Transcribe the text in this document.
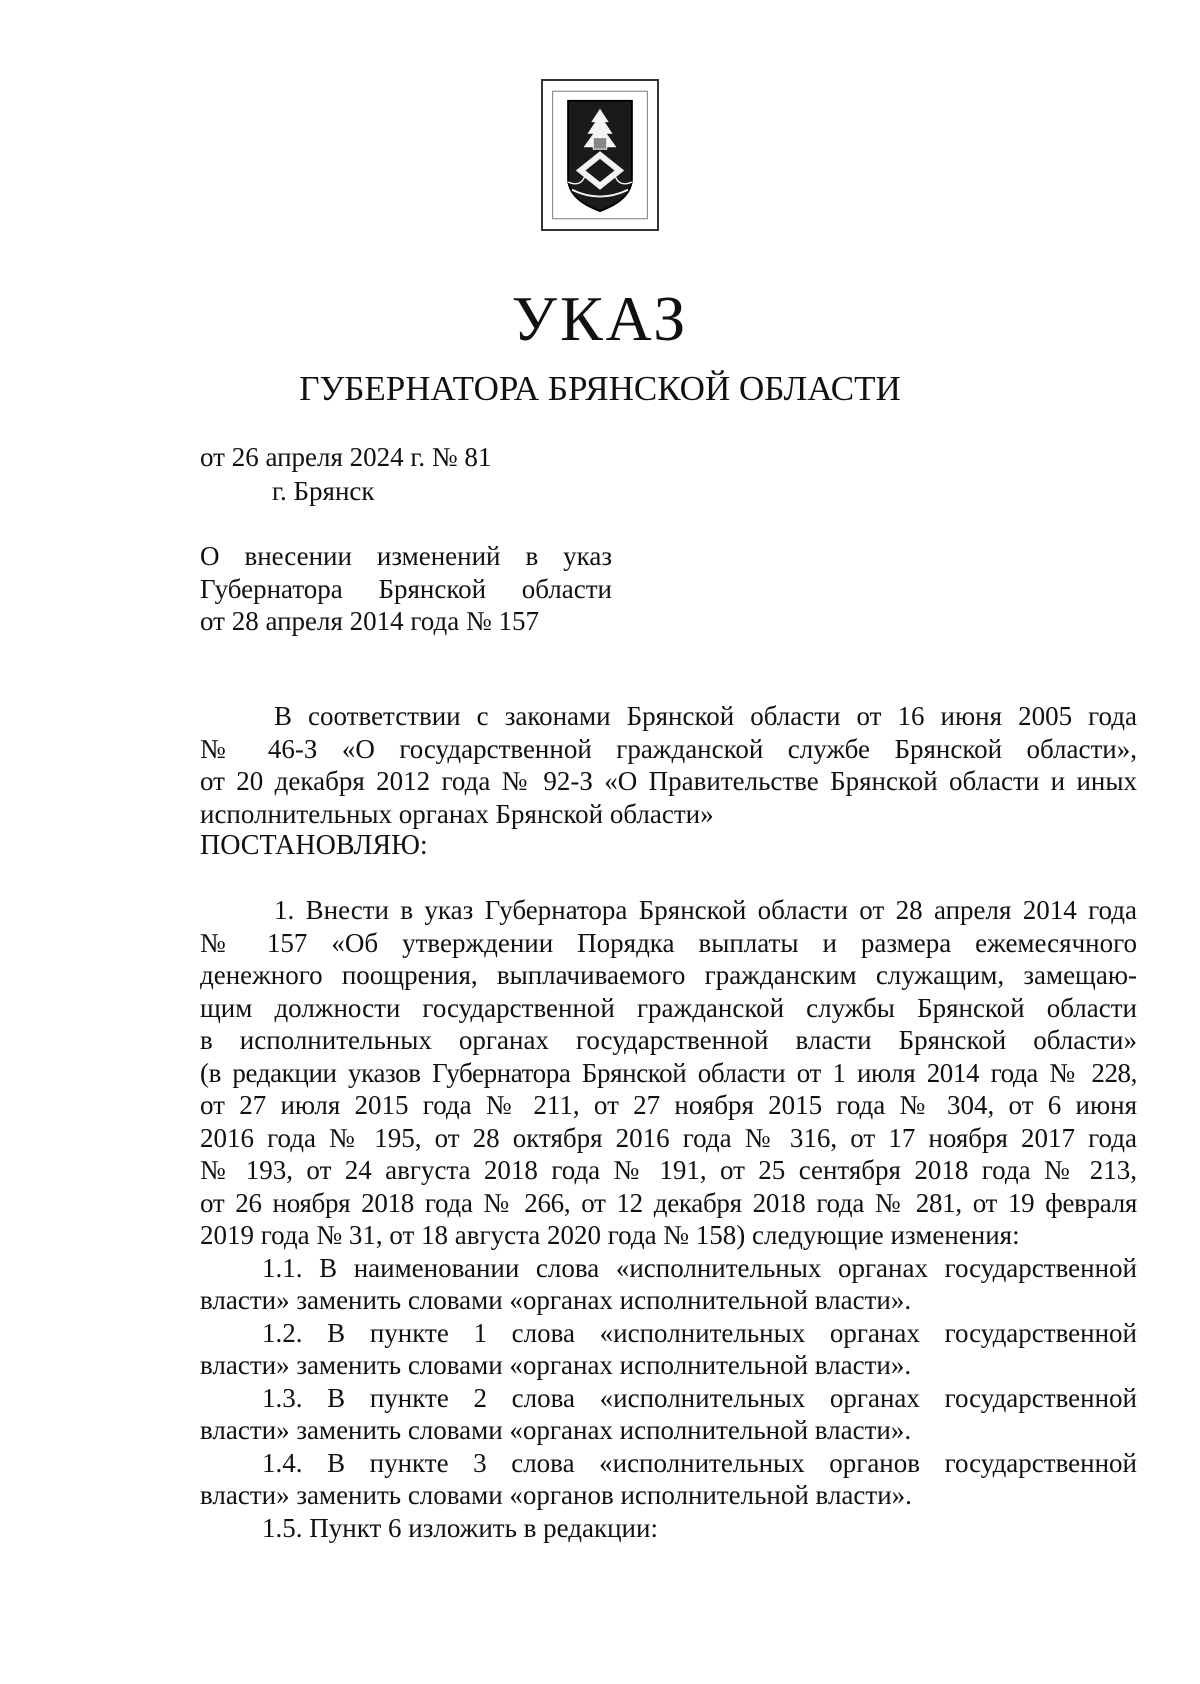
УКАЗ
ГУБЕРНАТОРА БРЯНСКОЙ ОБЛАСТИ
от 26 апреля 2024 г. № 81
г. Брянск
О внесении изменений в указ
Губернатора Брянской области
от 28 апреля 2014 года № 157
В соответствии с законами Брянской области от 16 июня 2005 года
№ 46-З «О государственной гражданской службе Брянской области»,
от 20 декабря 2012 года № 92-З «О Правительстве Брянской области и иных
исполнительных органах Брянской области»
ПОСТАНОВЛЯЮ:
1. Внести в указ Губернатора Брянской области от 28 апреля 2014 года
№ 157 «Об утверждении Порядка выплаты и размера ежемесячного
денежного поощрения, выплачиваемого гражданским служащим, замещаю-
щим должности государственной гражданской службы Брянской области
в исполнительных органах государственной власти Брянской области»
(в редакции указов Губернатора Брянской области от 1 июля 2014 года № 228,
от 27 июля 2015 года № 211, от 27 ноября 2015 года № 304, от 6 июня
2016 года № 195, от 28 октября 2016 года № 316, от 17 ноября 2017 года
№ 193, от 24 августа 2018 года № 191, от 25 сентября 2018 года № 213,
от 26 ноября 2018 года № 266, от 12 декабря 2018 года № 281, от 19 февраля
2019 года № 31, от 18 августа 2020 года № 158) следующие изменения:
1.1. В наименовании слова «исполнительных органах государственной
власти» заменить словами «органах исполнительной власти».
1.2. В пункте 1 слова «исполнительных органах государственной
власти» заменить словами «органах исполнительной власти».
1.3. В пункте 2 слова «исполнительных органах государственной
власти» заменить словами «органах исполнительной власти».
1.4. В пункте 3 слова «исполнительных органов государственной
власти» заменить словами «органов исполнительной власти».
1.5. Пункт 6 изложить в редакции:
